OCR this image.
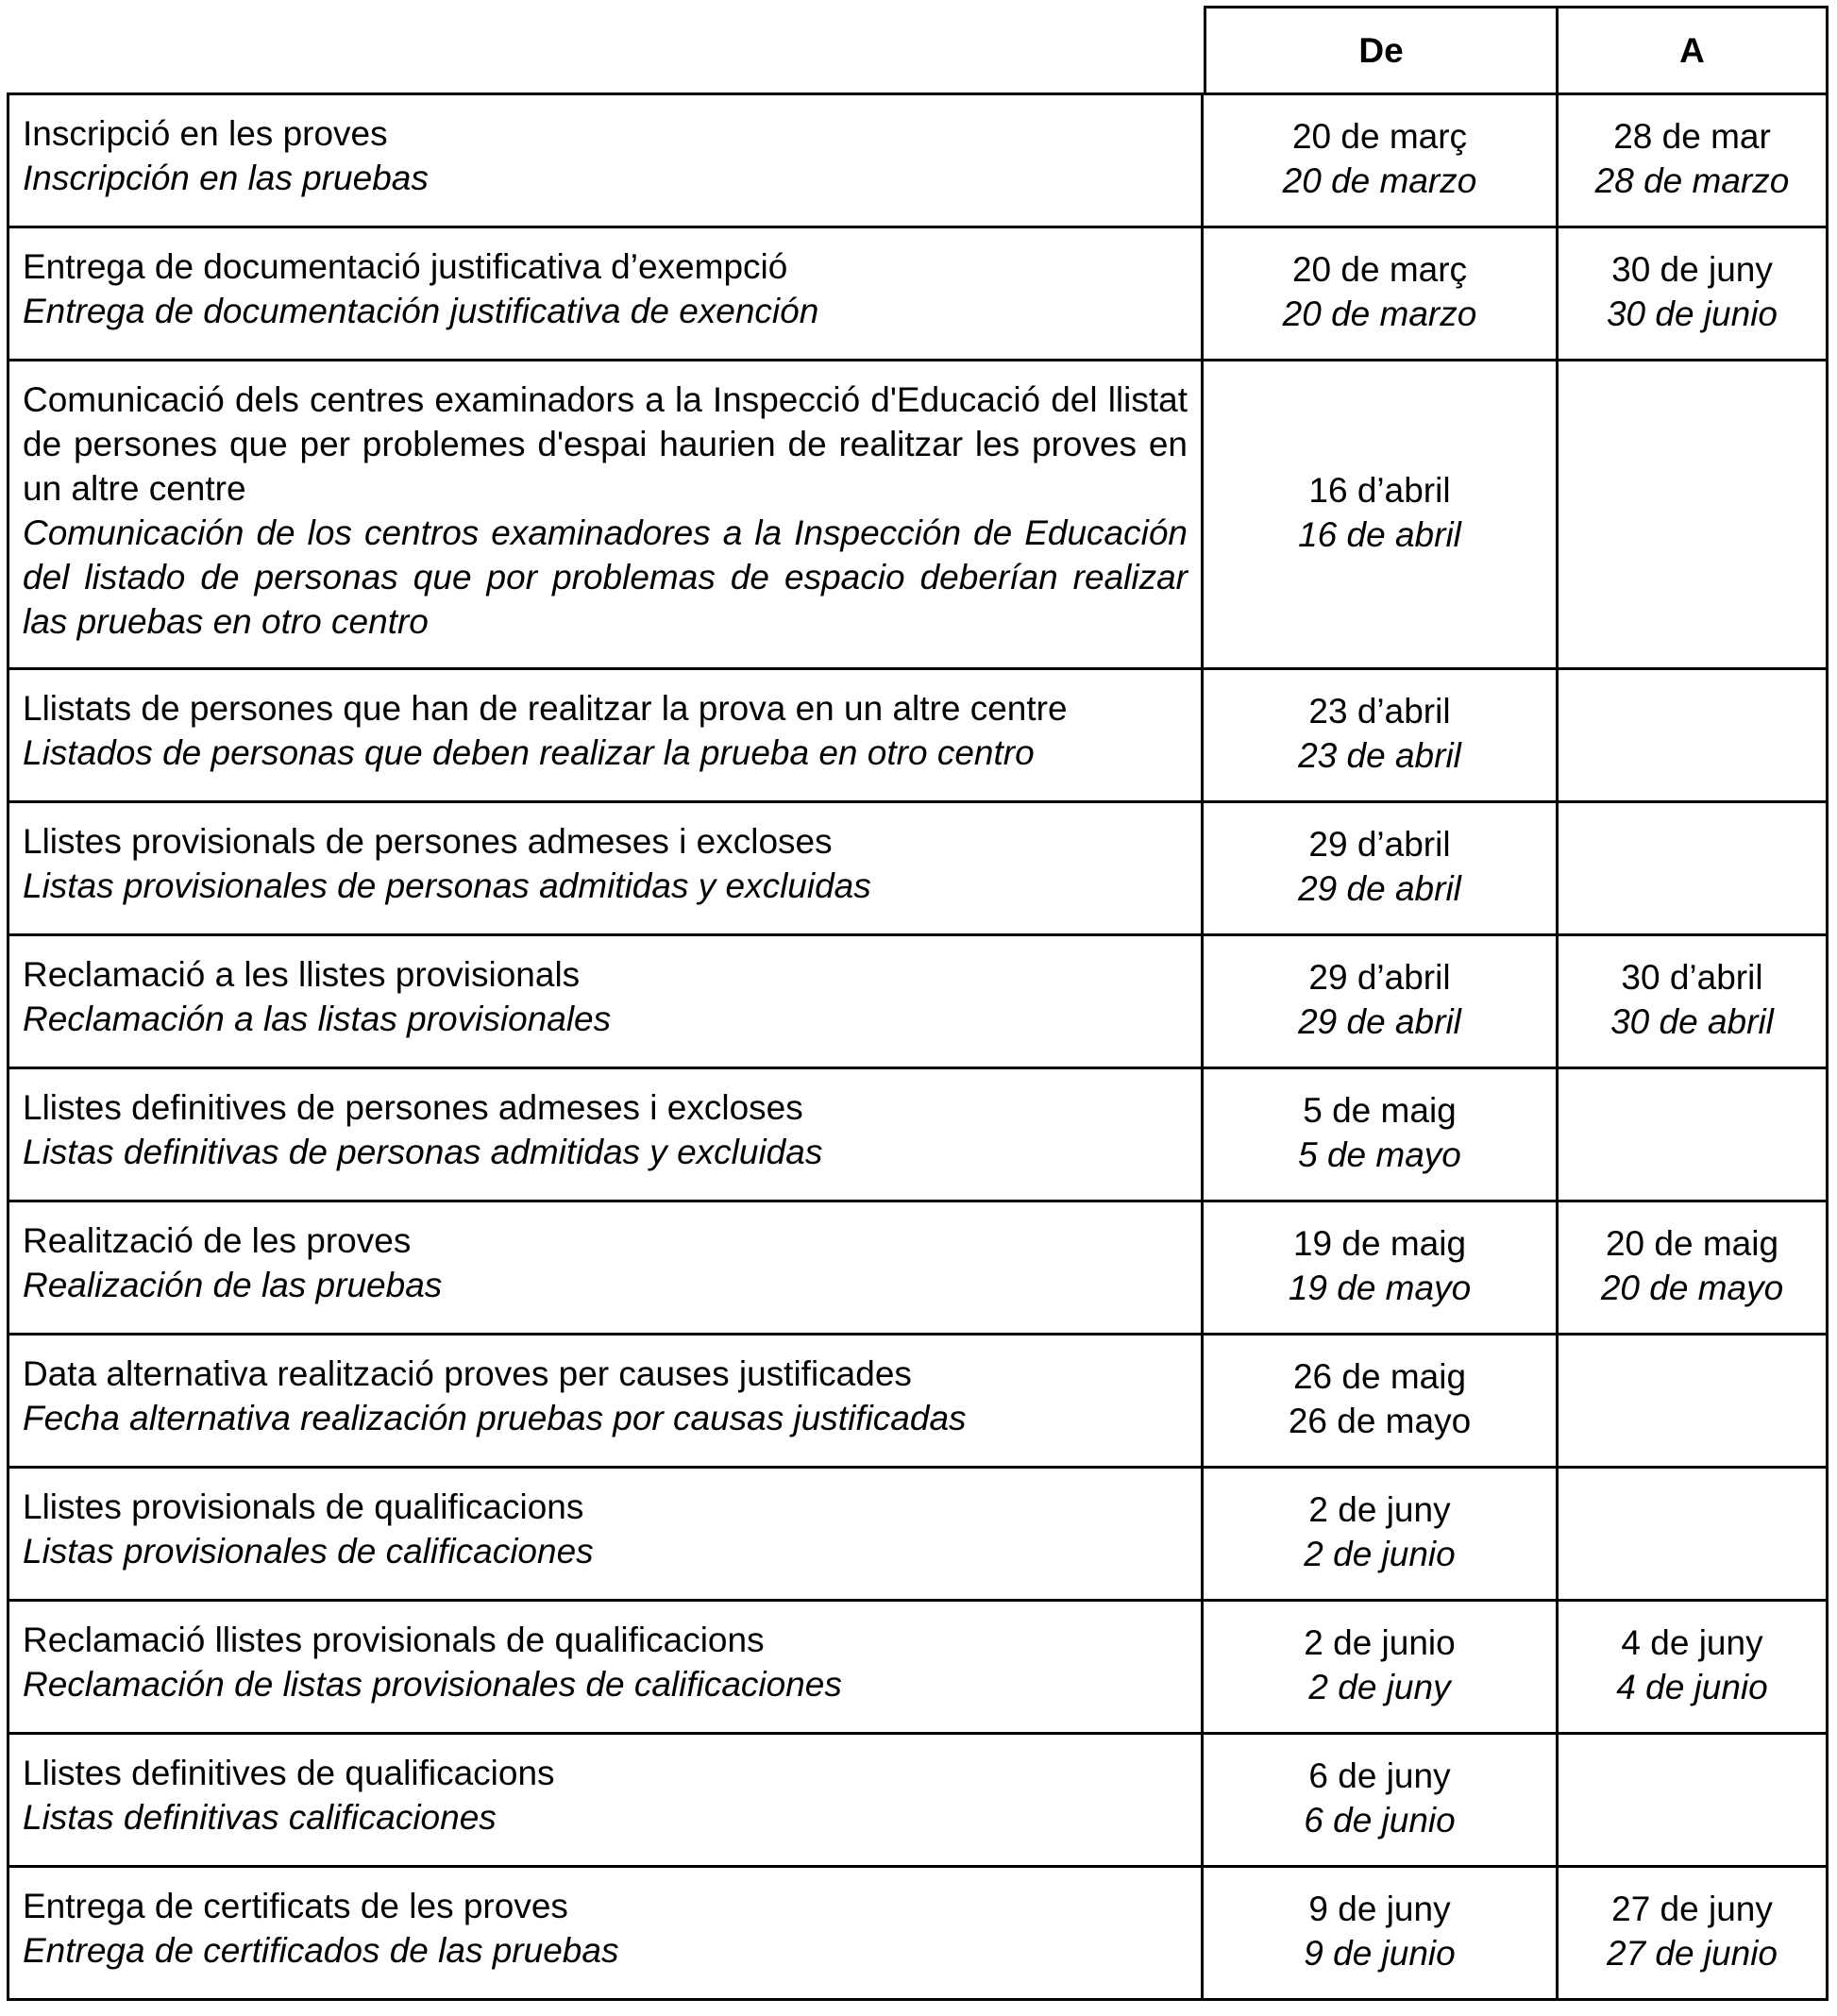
De	A
Inscripció en les proves
Inscripción en las pruebas
20 de març
20 de marzo
28 de mar
28 de marzo
Entrega de documentació justificativa d’exempció
Entrega de documentación justificativa de exención
20 de març
20 de marzo
30 de juny
30 de junio
Comunicació dels centres examinadors a la Inspecció d'Educació del llistat de persones que per problemes d'espai haurien de realitzar les proves en un altre centre
Comunicación de los centros examinadores a la Inspección de Educación del listado de personas que por problemas de espacio deberían realizar las pruebas en otro centro
16 d’abril
16 de abril
Llistats de persones que han de realitzar la prova en un altre centre
Listados de personas que deben realizar la prueba en otro centro
23 d’abril
23 de abril
Llistes provisionals de persones admeses i excloses
Listas provisionales de personas admitidas y excluidas
29 d’abril
29 de abril
Reclamació a les llistes provisionals
Reclamación a las listas provisionales
29 d’abril
29 de abril
30 d’abril
30 de abril
Llistes definitives de persones admeses i excloses
Listas definitivas de personas admitidas y excluidas
5 de maig
5 de mayo
Realització de les proves
Realización de las pruebas
19 de maig
19 de mayo
20 de maig
20 de mayo
Data alternativa realització proves per causes justificades
Fecha alternativa realización pruebas por causas justificadas
26 de maig
26 de mayo
Llistes provisionals de qualificacions
Listas provisionales de calificaciones
2 de juny
2 de junio
Reclamació llistes provisionals de qualificacions
Reclamación de listas provisionales de calificaciones
2 de junio
2 de juny
4 de juny
4 de junio
Llistes definitives de qualificacions
Listas definitivas calificaciones
6 de juny
6 de junio
Entrega de certificats de les proves
Entrega de certificados de las pruebas
9 de juny
9 de junio
27 de juny
27 de junio
